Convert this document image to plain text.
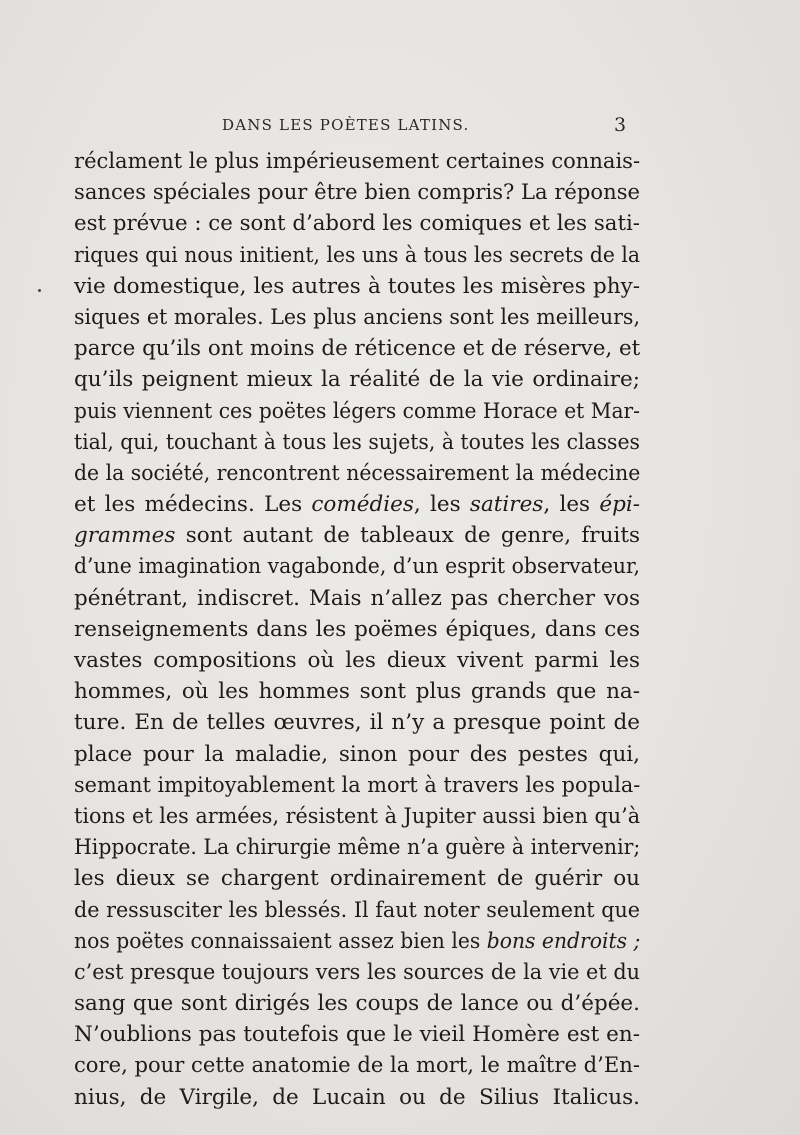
DANS LES POÈTES LATINS.	3
réclament le plus impérieusement certaines connais-
sances spéciales pour être bien compris? La réponse
est prévue : ce sont d’abord les comiques et les sati-
riques qui nous initient, les uns à tous les secrets de la
vie domestique, les autres à toutes les misères phy-
siques et morales. Les plus anciens sont les meilleurs,
parce qu’ils ont moins de réticence et de réserve, et
qu’ils peignent mieux la réalité de la vie ordinaire;
puis viennent ces poëtes légers comme Horace et Mar-
tial, qui, touchant à tous les sujets, à toutes les classes
de la société, rencontrent nécessairement la médecine
et les médecins. Les comédies, les satires, les épi-
grammes sont autant de tableaux de genre, fruits
d’une imagination vagabonde, d’un esprit observateur,
pénétrant, indiscret. Mais n’allez pas chercher vos
renseignements dans les poëmes épiques, dans ces
vastes compositions où les dieux vivent parmi les
hommes, où les hommes sont plus grands que na-
ture. En de telles œuvres, il n’y a presque point de
place pour la maladie, sinon pour des pestes qui,
semant impitoyablement la mort à travers les popula-
tions et les armées, résistent à Jupiter aussi bien qu’à
Hippocrate. La chirurgie même n’a guère à intervenir;
les dieux se chargent ordinairement de guérir ou
de ressusciter les blessés. Il faut noter seulement que
nos poëtes connaissaient assez bien les bons endroits ;
c’est presque toujours vers les sources de la vie et du
sang que sont dirigés les coups de lance ou d’épée.
N’oublions pas toutefois que le vieil Homère est en-
core, pour cette anatomie de la mort, le maître d’En-
nius, de Virgile, de Lucain ou de Silius Italicus.
